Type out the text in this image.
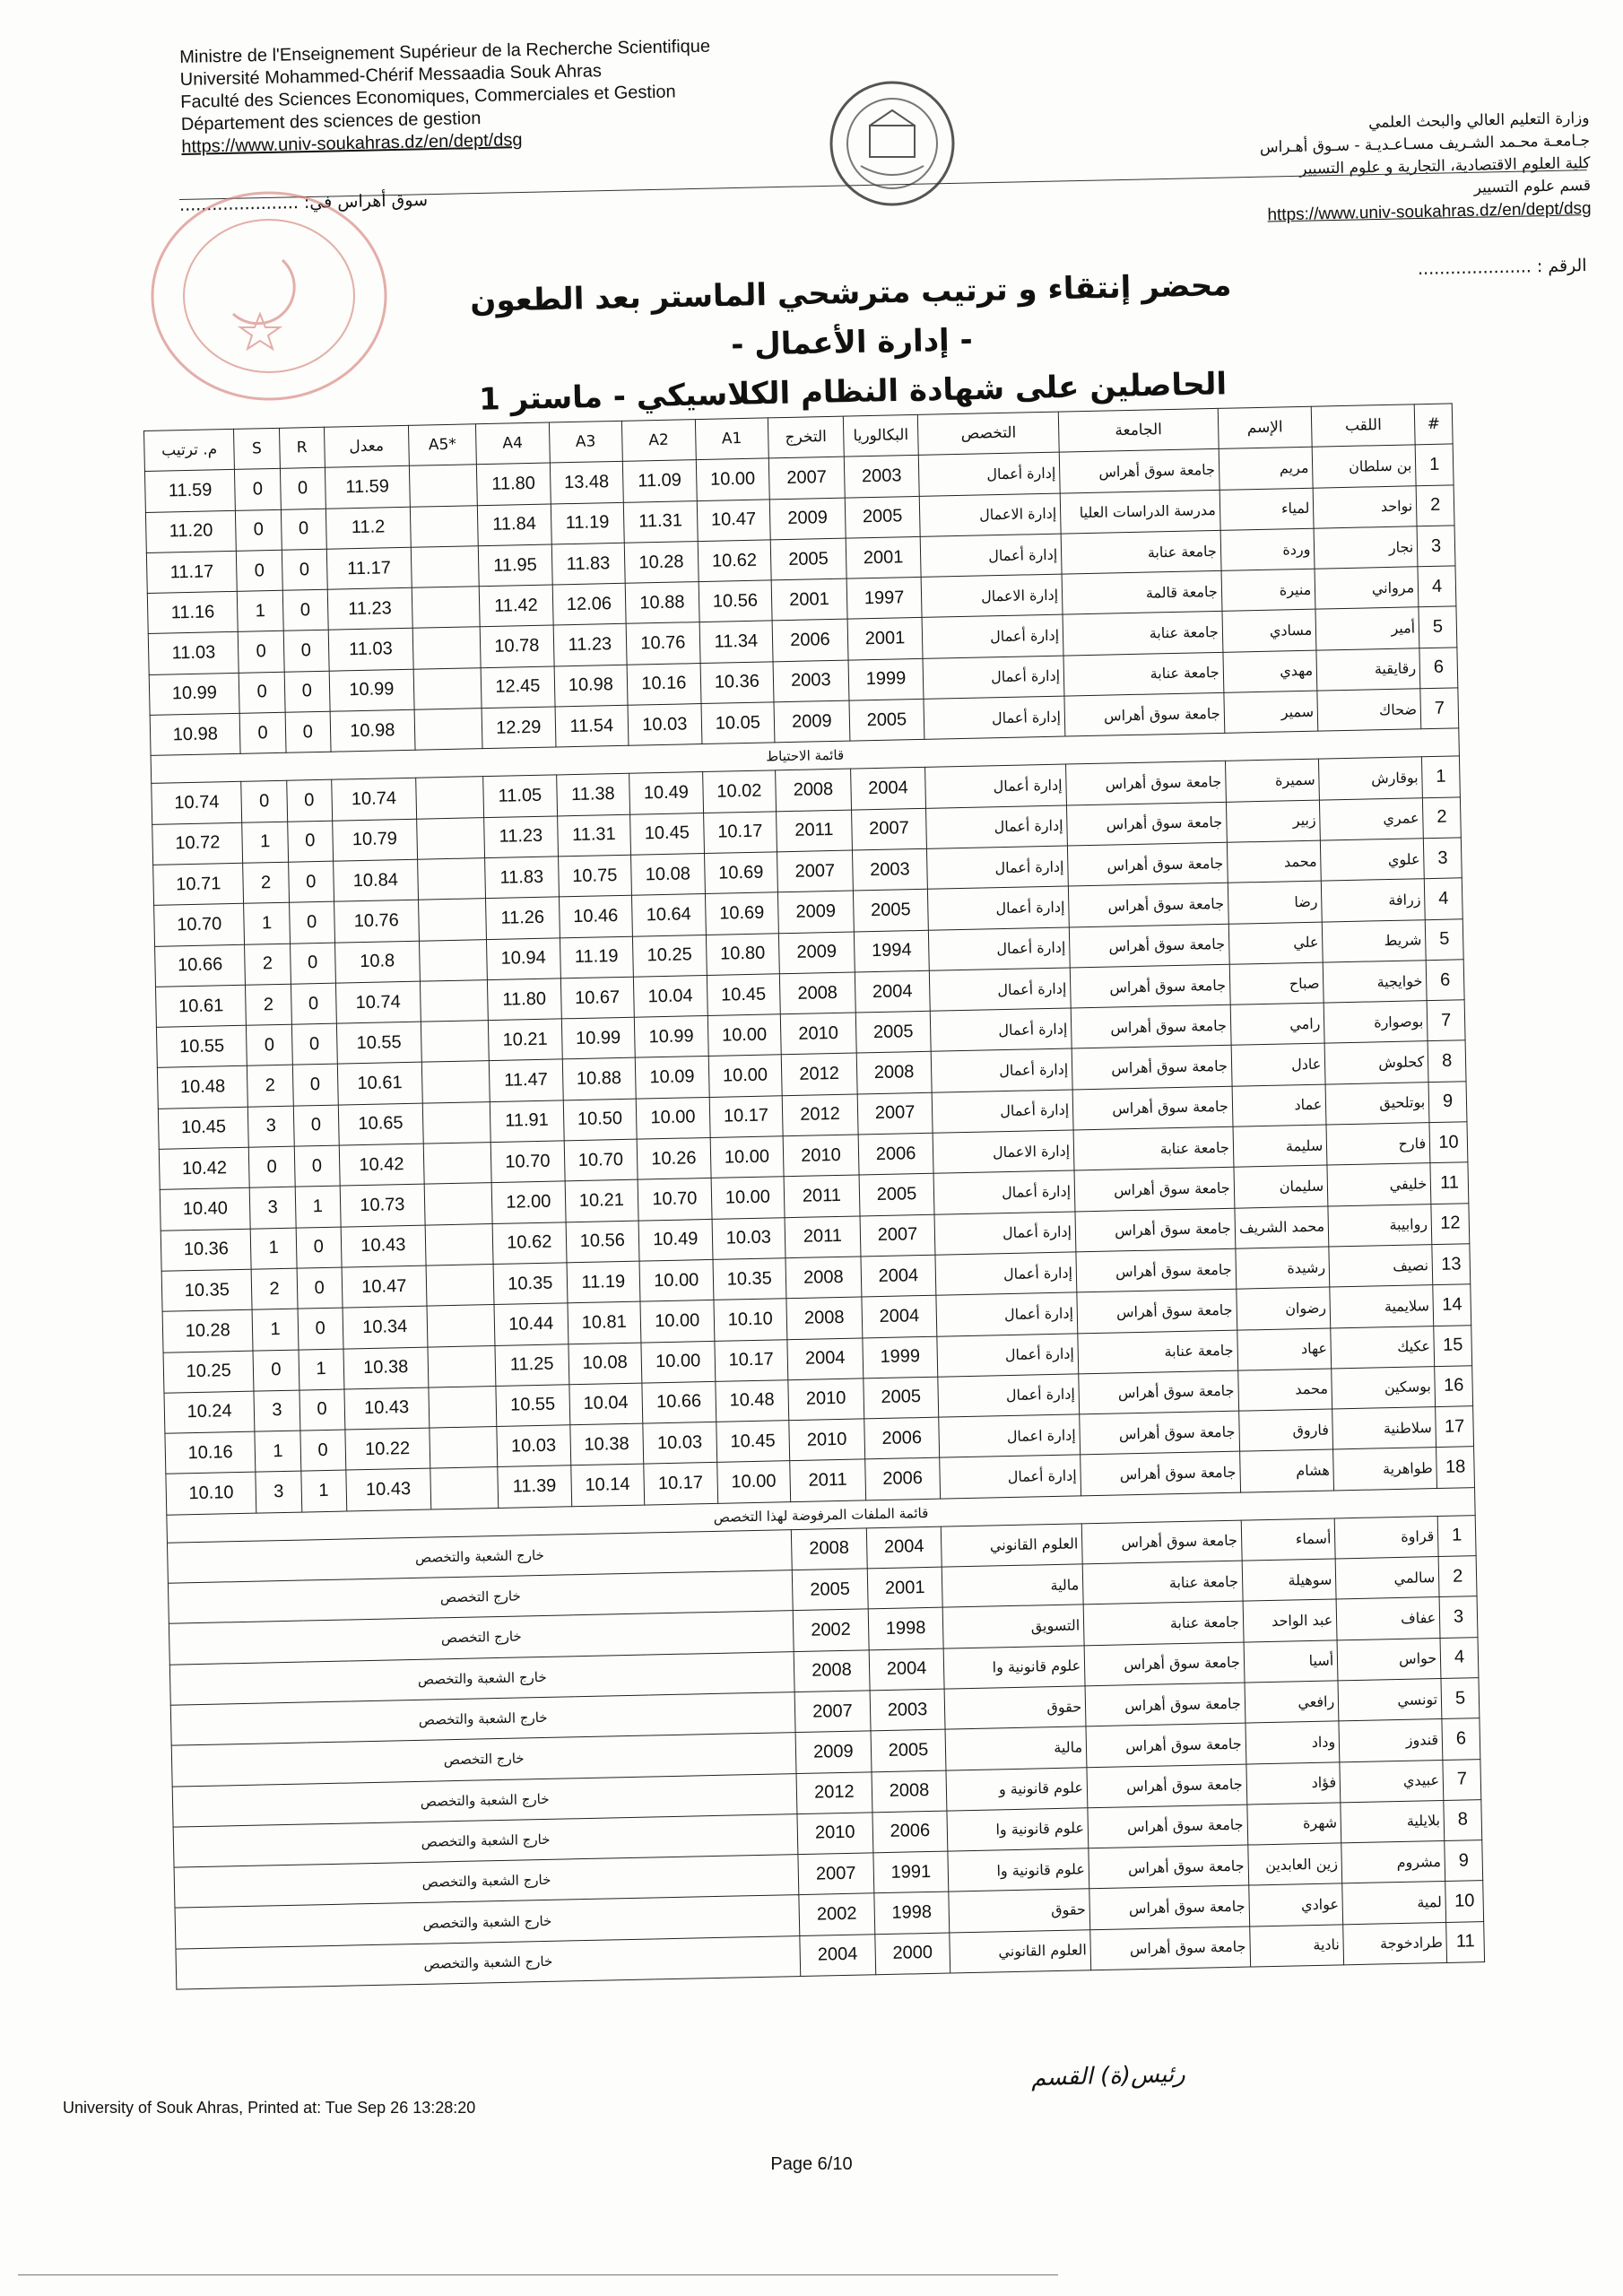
Ministre de l'Enseignement Supérieur de la Recherche Scientifique
Université Mohammed-Chérif Messaadia Souk Ahras
Faculté des Sciences Economiques, Commerciales et Gestion
Département des sciences de gestion
https://www.univ-soukahras.dz/en/dept/dsg
وزارة التعليم العالي والبحث العلمي
جـامعـة محـمد الشـريف مسـاعـديـة - سـوق أهـراس
كلية العلوم الاقتصادية، التجارية و علوم التسيير
قسم علوم التسيير
https://www.univ-soukahras.dz/en/dept/dsg
سوق أهراس في: ......................
الرقم : .....................
محضر إنتقاء و ترتيب مترشحي الماستر بعد الطعون
- إدارة الأعمال -
الحاصلين على شهادة النظام الكلاسيكي - ماستر 1
#	اللقب	الإسم	الجامعة	التخصص	البكالوريا	التخرج	A1	A2	A3	A4	*A5	معدل	R	S	م. ترتيب
1	بن سلطان	مريم	جامعة سوق أهراس	إدارة أعمال	2003	2007	10.00	11.09	13.48	11.80		11.59	0	0	11.59
2	نواحد	لمياء	مدرسة الدراسات العليا	إدارة الاعمال	2005	2009	10.47	11.31	11.19	11.84		11.2	0	0	11.20
3	نجار	وردة	جامعة عنابة	إدارة أعمال	2001	2005	10.62	10.28	11.83	11.95		11.17	0	0	11.17
4	مرواني	منيرة	جامعة قالمة	إدارة الاعمال	1997	2001	10.56	10.88	12.06	11.42		11.23	0	1	11.16
5	أمير	مسادي	جامعة عنابة	إدارة أعمال	2001	2006	11.34	10.76	11.23	10.78		11.03	0	0	11.03
6	رقايقية	مهدي	جامعة عنابة	إدارة أعمال	1999	2003	10.36	10.16	10.98	12.45		10.99	0	0	10.99
7	ضحاك	سمير	جامعة سوق أهراس	إدارة أعمال	2005	2009	10.05	10.03	11.54	12.29		10.98	0	0	10.98
قائمة الاحتياط															
1	بوقارش	سميرة	جامعة سوق أهراس	إدارة أعمال	2004	2008	10.02	10.49	11.38	11.05		10.74	0	0	10.74
2	عمري	زبير	جامعة سوق أهراس	إدارة أعمال	2007	2011	10.17	10.45	11.31	11.23		10.79	0	1	10.72
3	علوي	محمد	جامعة سوق أهراس	إدارة أعمال	2003	2007	10.69	10.08	10.75	11.83		10.84	0	2	10.71
4	زرافة	رضا	جامعة سوق أهراس	إدارة أعمال	2005	2009	10.69	10.64	10.46	11.26		10.76	0	1	10.70
5	شريط	علي	جامعة سوق أهراس	إدارة أعمال	1994	2009	10.80	10.25	11.19	10.94		10.8	0	2	10.66
6	خوايجية	صباح	جامعة سوق أهراس	إدارة أعمال	2004	2008	10.45	10.04	10.67	11.80		10.74	0	2	10.61
7	بوصوارة	رامي	جامعة سوق أهراس	إدارة أعمال	2005	2010	10.00	10.99	10.99	10.21		10.55	0	0	10.55
8	كحلوش	عادل	جامعة سوق أهراس	إدارة أعمال	2008	2012	10.00	10.09	10.88	11.47		10.61	0	2	10.48
9	بوتلحيق	عماد	جامعة سوق أهراس	إدارة أعمال	2007	2012	10.17	10.00	10.50	11.91		10.65	0	3	10.45
10	فارح	سليمة	جامعة عنابة	إدارة الاعمال	2006	2010	10.00	10.26	10.70	10.70		10.42	0	0	10.42
11	خليفي	سليمان	جامعة سوق أهراس	إدارة أعمال	2005	2011	10.00	10.70	10.21	12.00		10.73	1	3	10.40
12	روابيبة	محمد الشريف	جامعة سوق أهراس	إدارة أعمال	2007	2011	10.03	10.49	10.56	10.62		10.43	0	1	10.36
13	نصيف	رشيدة	جامعة سوق أهراس	إدارة أعمال	2004	2008	10.35	10.00	11.19	10.35		10.47	0	2	10.35
14	سلايمية	رضوان	جامعة سوق أهراس	إدارة أعمال	2004	2008	10.10	10.00	10.81	10.44		10.34	0	1	10.28
15	عكيك	عهاد	جامعة عنابة	إدارة أعمال	1999	2004	10.17	10.00	10.08	11.25		10.38	1	0	10.25
16	بوسكين	محمد	جامعة سوق أهراس	إدارة أعمال	2005	2010	10.48	10.66	10.04	10.55		10.43	0	3	10.24
17	سلاطنية	فاروق	جامعة سوق أهراس	إدارة اعمال	2006	2010	10.45	10.03	10.38	10.03		10.22	0	1	10.16
18	طواهرية	هشام	جامعة سوق أهراس	إدارة أعمال	2006	2011	10.00	10.17	10.14	11.39		10.43	1	3	10.10
قائمة الملفات المرفوضة لهذا التخصص															
1	قراوة	أسماء	جامعة سوق أهراس	العلوم القانوني	2004	2008	خارج الشعبة والتخصص								
2	سالمي	سوهيلة	جامعة عنابة	مالية	2001	2005	خارج التخصص								
3	عفاف	عبد الواحد	جامعة عنابة	التسويق	1998	2002	خارج التخصص								
4	حواس	أسيا	جامعة سوق أهراس	علوم قانونية وا	2004	2008	خارج الشعبة والتخصص								
5	تونسي	رافعي	جامعة سوق أهراس	حقوق	2003	2007	خارج الشعبة والتخصص								
6	قندوز	وداد	جامعة سوق أهراس	مالية	2005	2009	خارج التخصص								
7	عبيدي	فؤاد	جامعة سوق أهراس	علوم قانونية و	2008	2012	خارج الشعبة والتخصص								
8	بلايلية	شهرة	جامعة سوق أهراس	علوم قانونية وا	2006	2010	خارج الشعبة والتخصص								
9	مشروم	زين العابدين	جامعة سوق أهراس	علوم قانونية وا	1991	2007	خارج الشعبة والتخصص								
10	لمية	عوادي	جامعة سوق أهراس	حقوق	1998	2002	خارج الشعبة والتخصص								
11	طرادخوجة	نادية	جامعة سوق أهراس	العلوم القانوني	2000	2004	خارج الشعبة والتخصص								
رئيس(ة) القسم
University of Souk Ahras, Printed at: Tue Sep 26 13:28:20
Page 6/10
